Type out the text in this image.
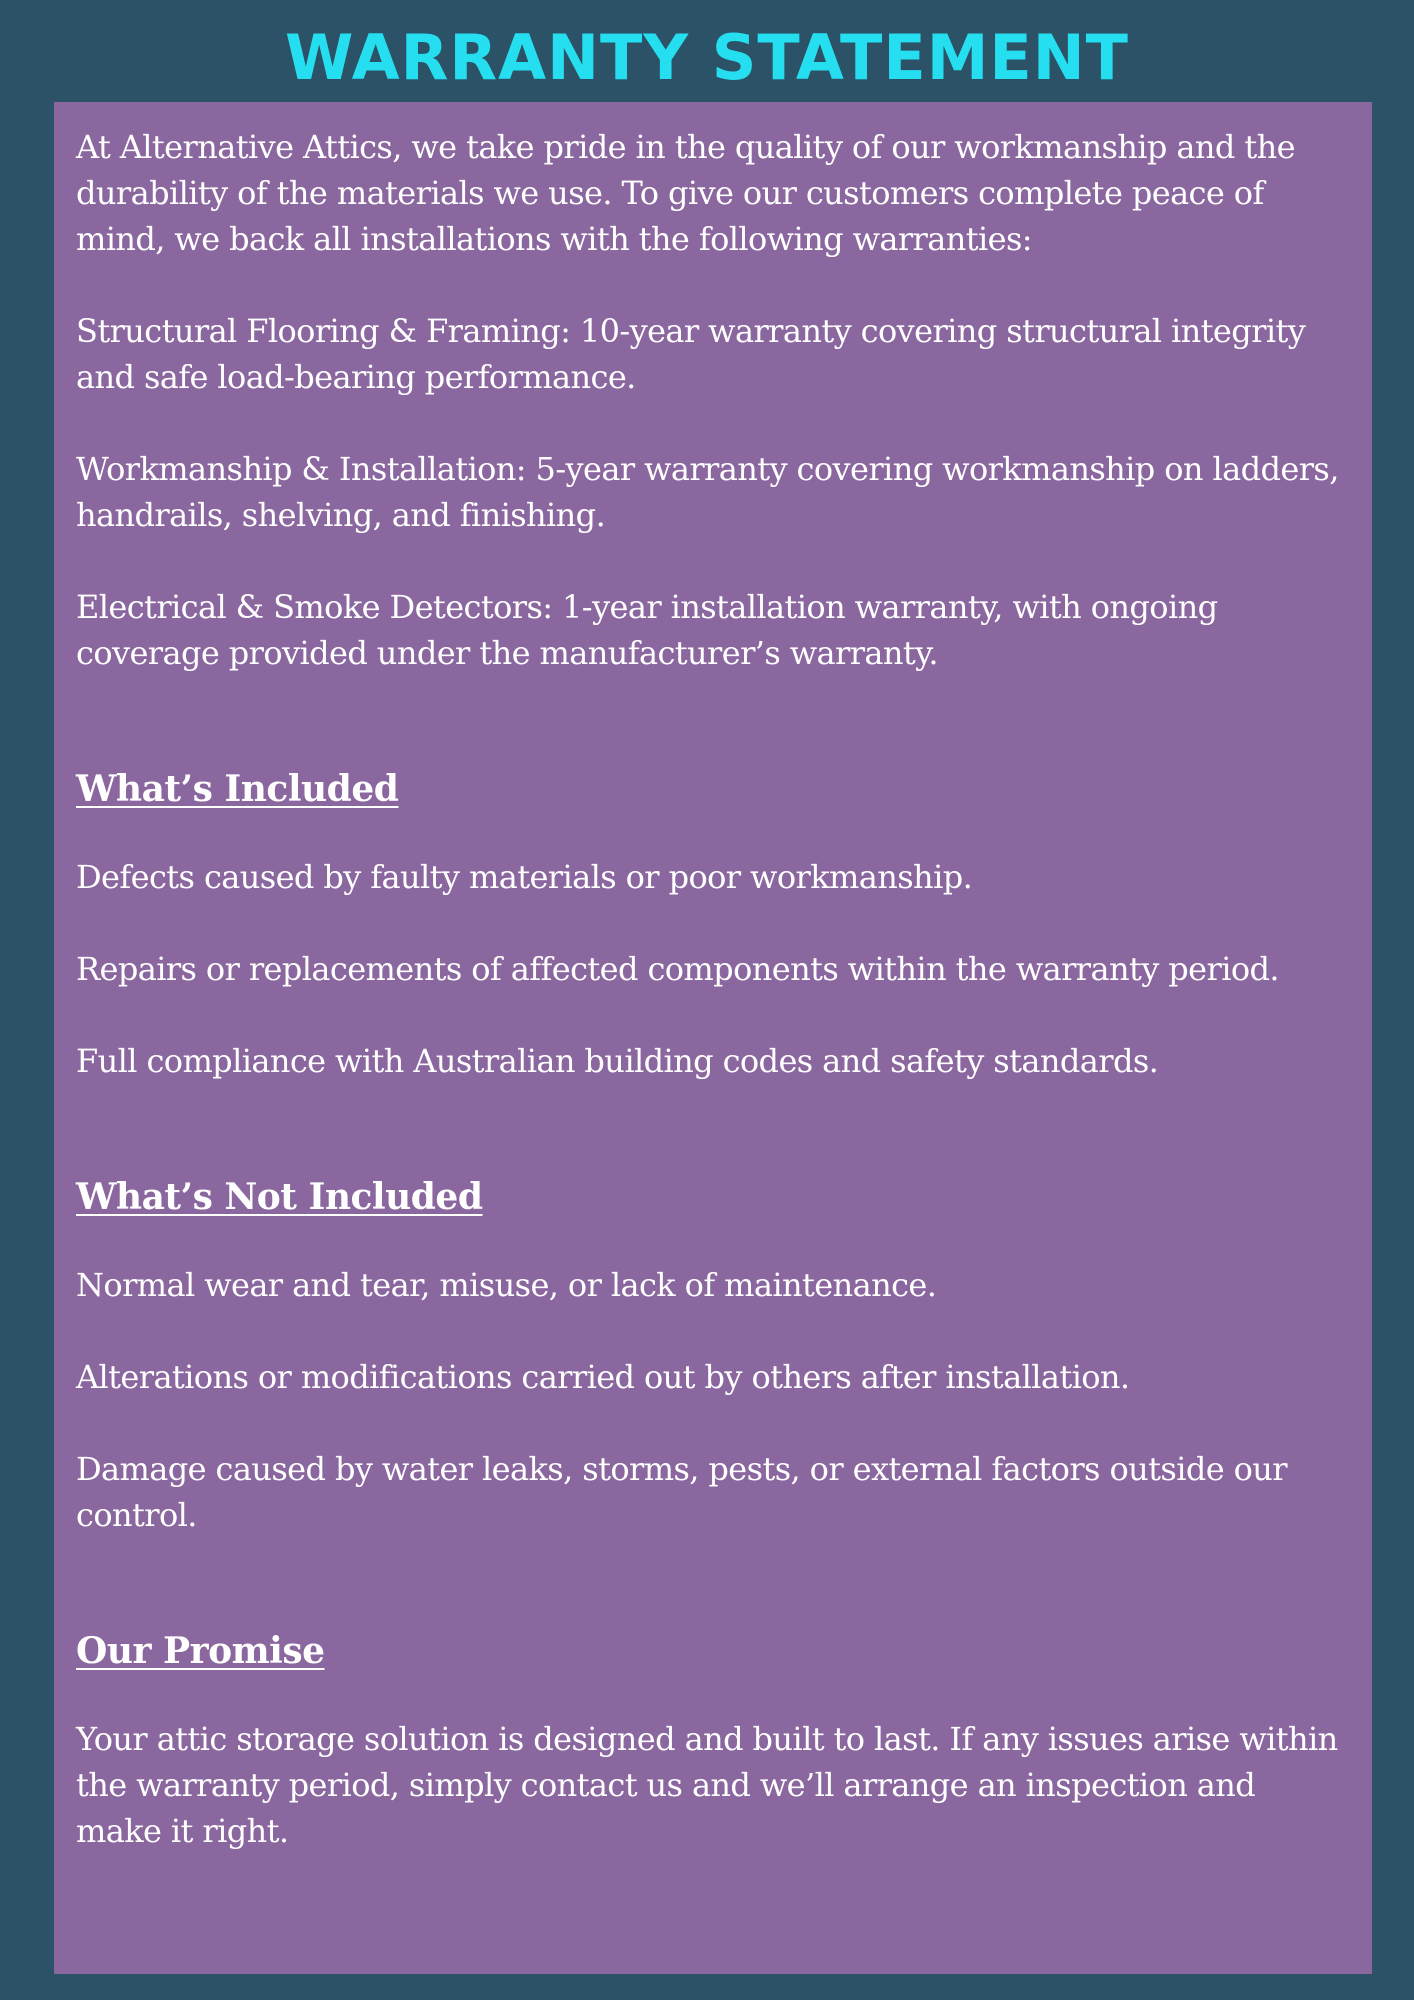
WARRANTY STATEMENT

At Alternative Attics, we take pride in the quality of our workmanship and the durability of the materials we use. To give our customers complete peace of mind, we back all installations with the following warranties:

Structural Flooring & Framing: 10-year warranty covering structural integrity and safe load-bearing performance.

Workmanship & Installation: 5-year warranty covering workmanship on ladders, handrails, shelving, and finishing.

Electrical & Smoke Detectors: 1-year installation warranty, with ongoing coverage provided under the manufacturer’s warranty.

What’s Included

Defects caused by faulty materials or poor workmanship.

Repairs or replacements of affected components within the warranty period.

Full compliance with Australian building codes and safety standards.

What’s Not Included

Normal wear and tear, misuse, or lack of maintenance.

Alterations or modifications carried out by others after installation.

Damage caused by water leaks, storms, pests, or external factors outside our control.

Our Promise

Your attic storage solution is designed and built to last. If any issues arise within the warranty period, simply contact us and we’ll arrange an inspection and make it right.
